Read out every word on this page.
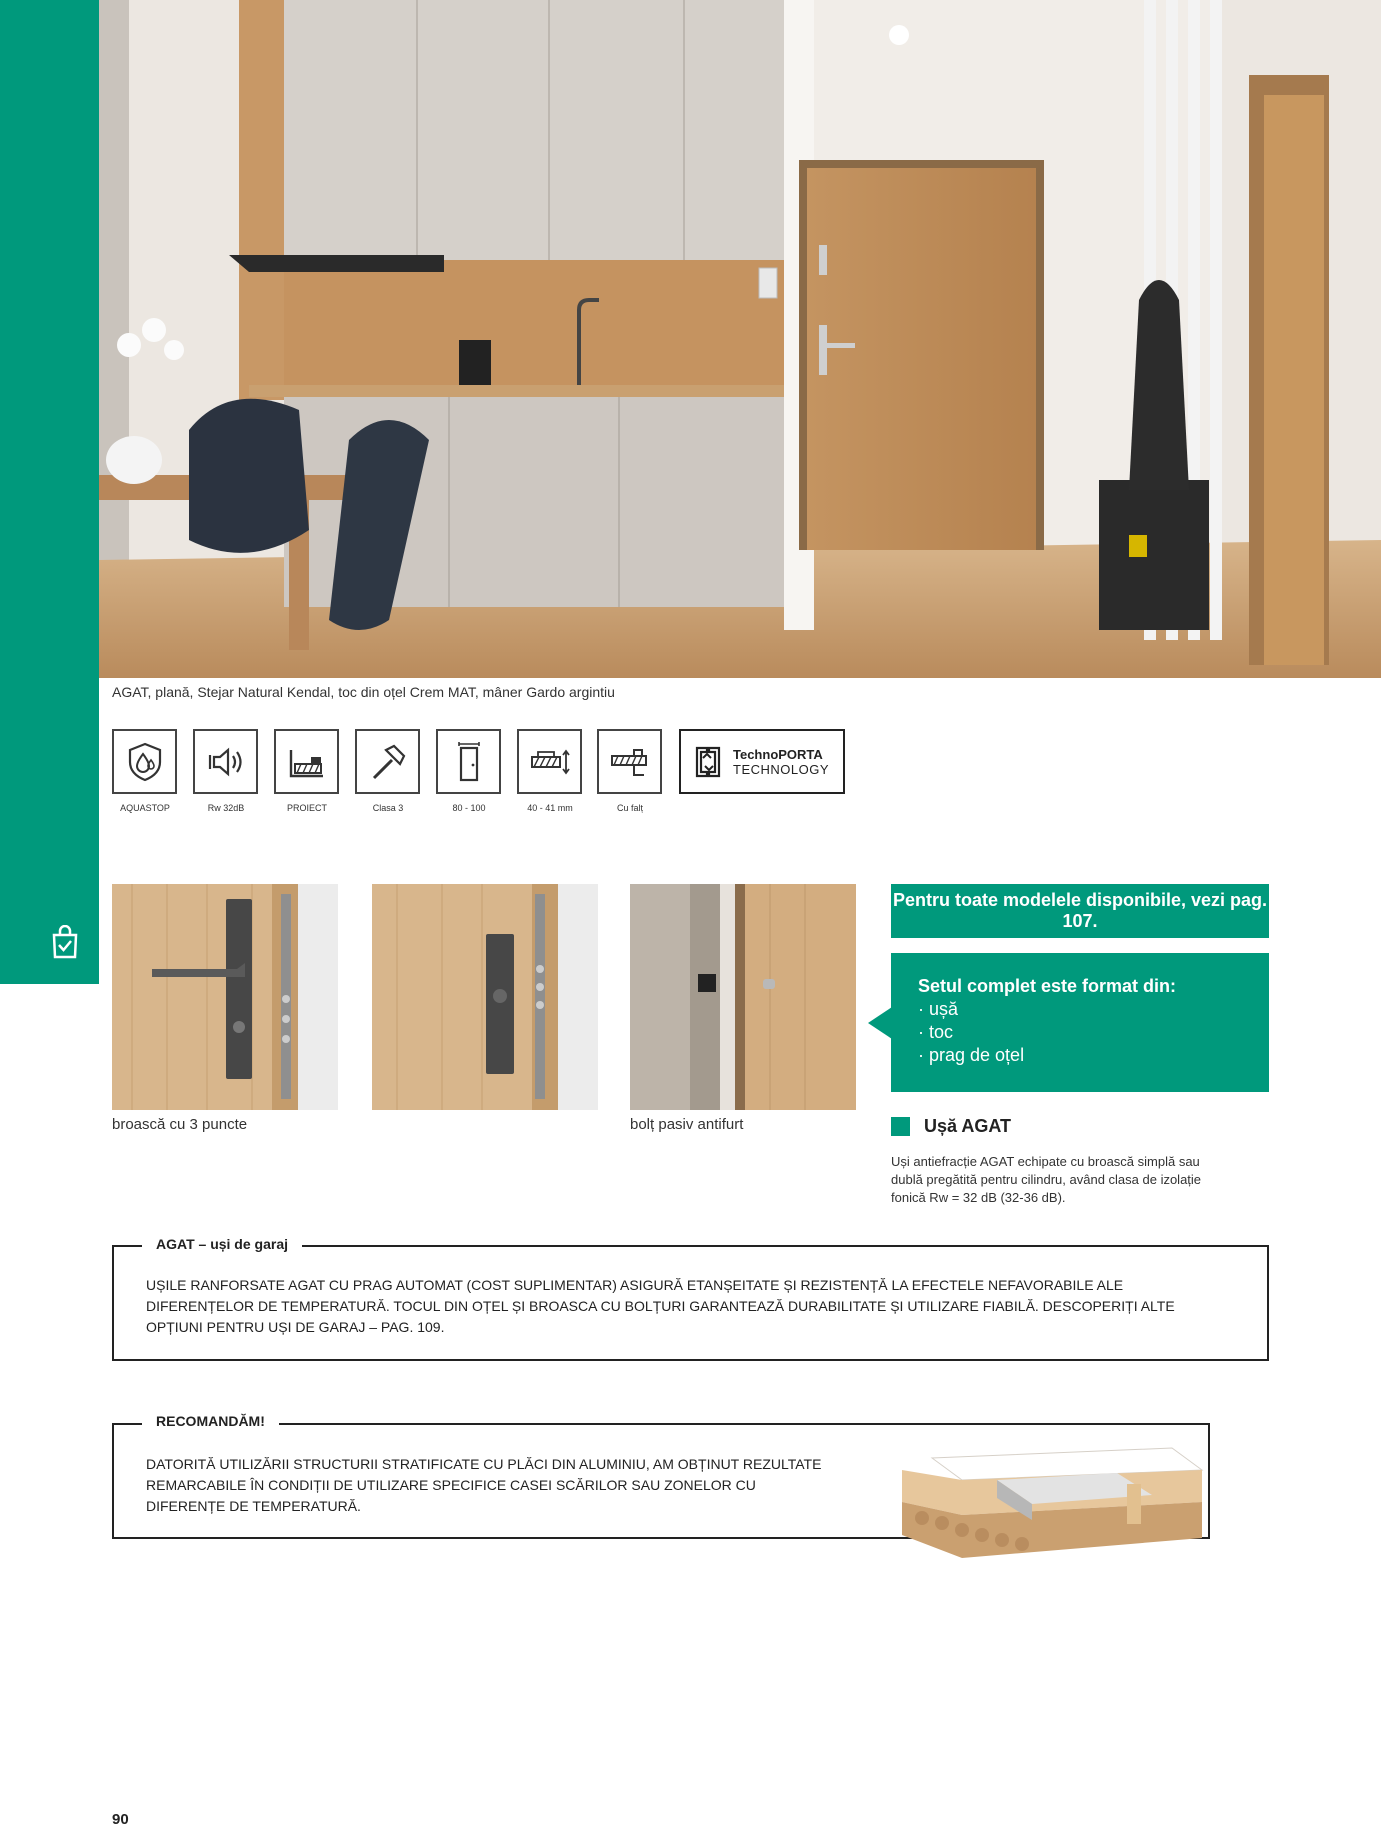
AGAT, plană, Stejar Natural Kendal, toc din oțel Crem MAT, mâner Gardo argintiu
AQUASTOP	Rw 32dB	PROIECT	Clasa 3	80 - 100	40 - 41 mm	Cu falț
TechnoPORTA
TECHNOLOGY
broască cu 3 puncte	bolț pasiv antifurt
Pentru toate modelele disponibile, vezi pag. 107.
Setul complet este format din:
· ușă
· toc
· prag de oțel
Ușă AGAT
Uși antiefracție AGAT echipate cu broască simplă sau dublă pregătită pentru cilindru, având clasa de izolație fonică Rw = 32 dB (32-36 dB).
AGAT – uși de garaj
UȘILE RANFORSATE AGAT CU PRAG AUTOMAT (COST SUPLIMENTAR) ASIGURĂ ETANȘEITATE ȘI REZISTENȚĂ LA EFECTELE NEFAVORABILE ALE DIFERENȚELOR DE TEMPERATURĂ. TOCUL DIN OȚEL ȘI BROASCA CU BOLȚURI GARANTEAZĂ DURABILITATE ȘI UTILIZARE FIABILĂ. DESCOPERIȚI ALTE OPȚIUNI PENTRU UȘI DE GARAJ – PAG. 109.
RECOMANDĂM!
DATORITĂ UTILIZĂRII STRUCTURII STRATIFICATE CU PLĂCI DIN ALUMINIU, AM OBȚINUT REZULTATE REMARCABILE ÎN CONDIȚII DE UTILIZARE SPECIFICE CASEI SCĂRILOR SAU ZONELOR CU DIFERENȚE DE TEMPERATURĂ.
90
